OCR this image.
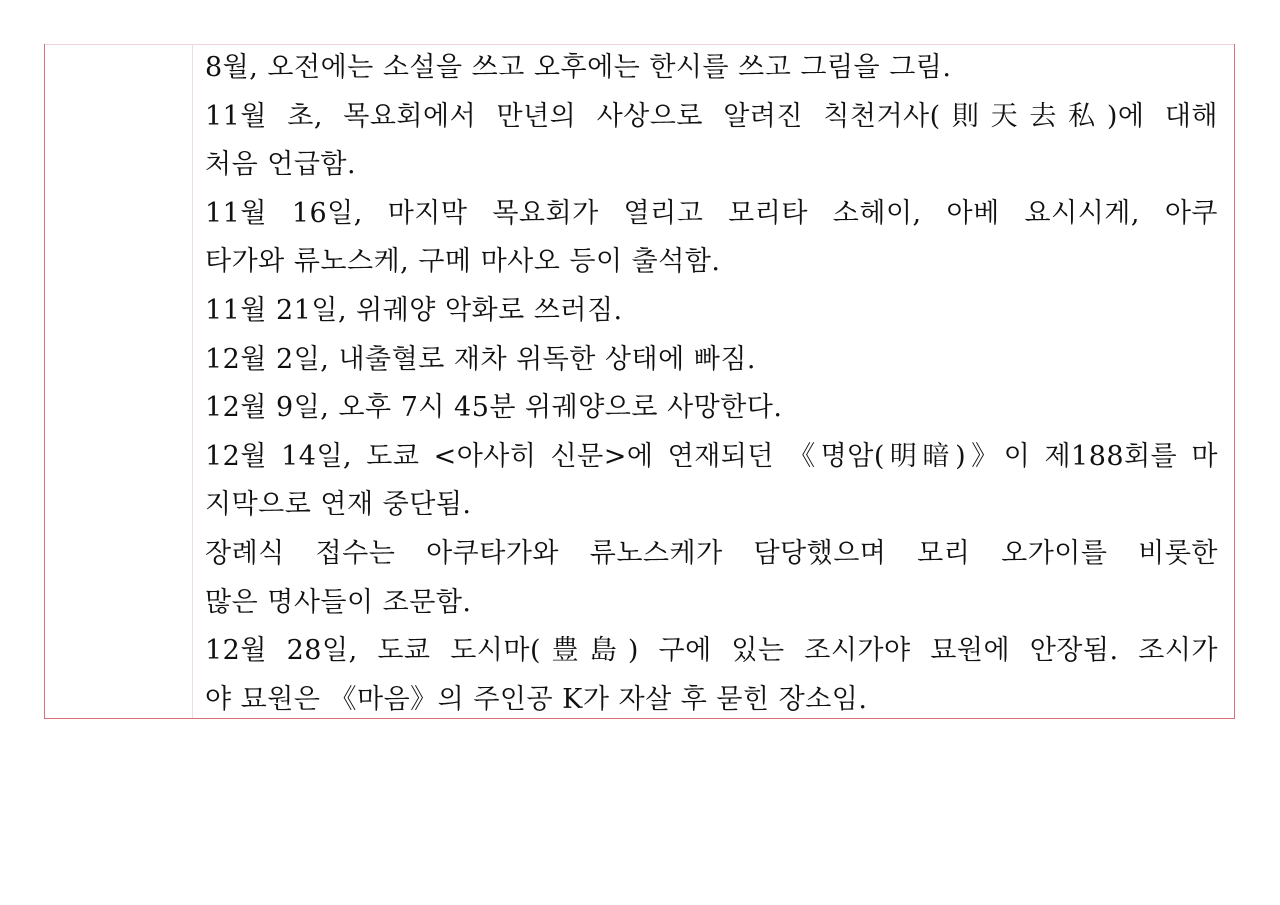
8월, 오전에는 소설을 쓰고 오후에는 한시를 쓰고 그림을 그림.
11월 초, 목요회에서 만년의 사상으로 알려진 칙천거사(則天去私)에 대해
처음 언급함.
11월 16일, 마지막 목요회가 열리고 모리타 소헤이, 아베 요시시게, 아쿠
타가와 류노스케, 구메 마사오 등이 출석함.
11월 21일, 위궤양 악화로 쓰러짐.
12월 2일, 내출혈로 재차 위독한 상태에 빠짐.
12월 9일, 오후 7시 45분 위궤양으로 사망한다.
12월 14일, 도쿄 <아사히 신문>에 연재되던 《명암(明暗)》이 제188회를 마
지막으로 연재 중단됨.
장례식 접수는 아쿠타가와 류노스케가 담당했으며 모리 오가이를 비롯한
많은 명사들이 조문함.
12월 28일, 도쿄 도시마(豊島) 구에 있는 조시가야 묘원에 안장됨. 조시가
야 묘원은 《마음》의 주인공 K가 자살 후 묻힌 장소임.
